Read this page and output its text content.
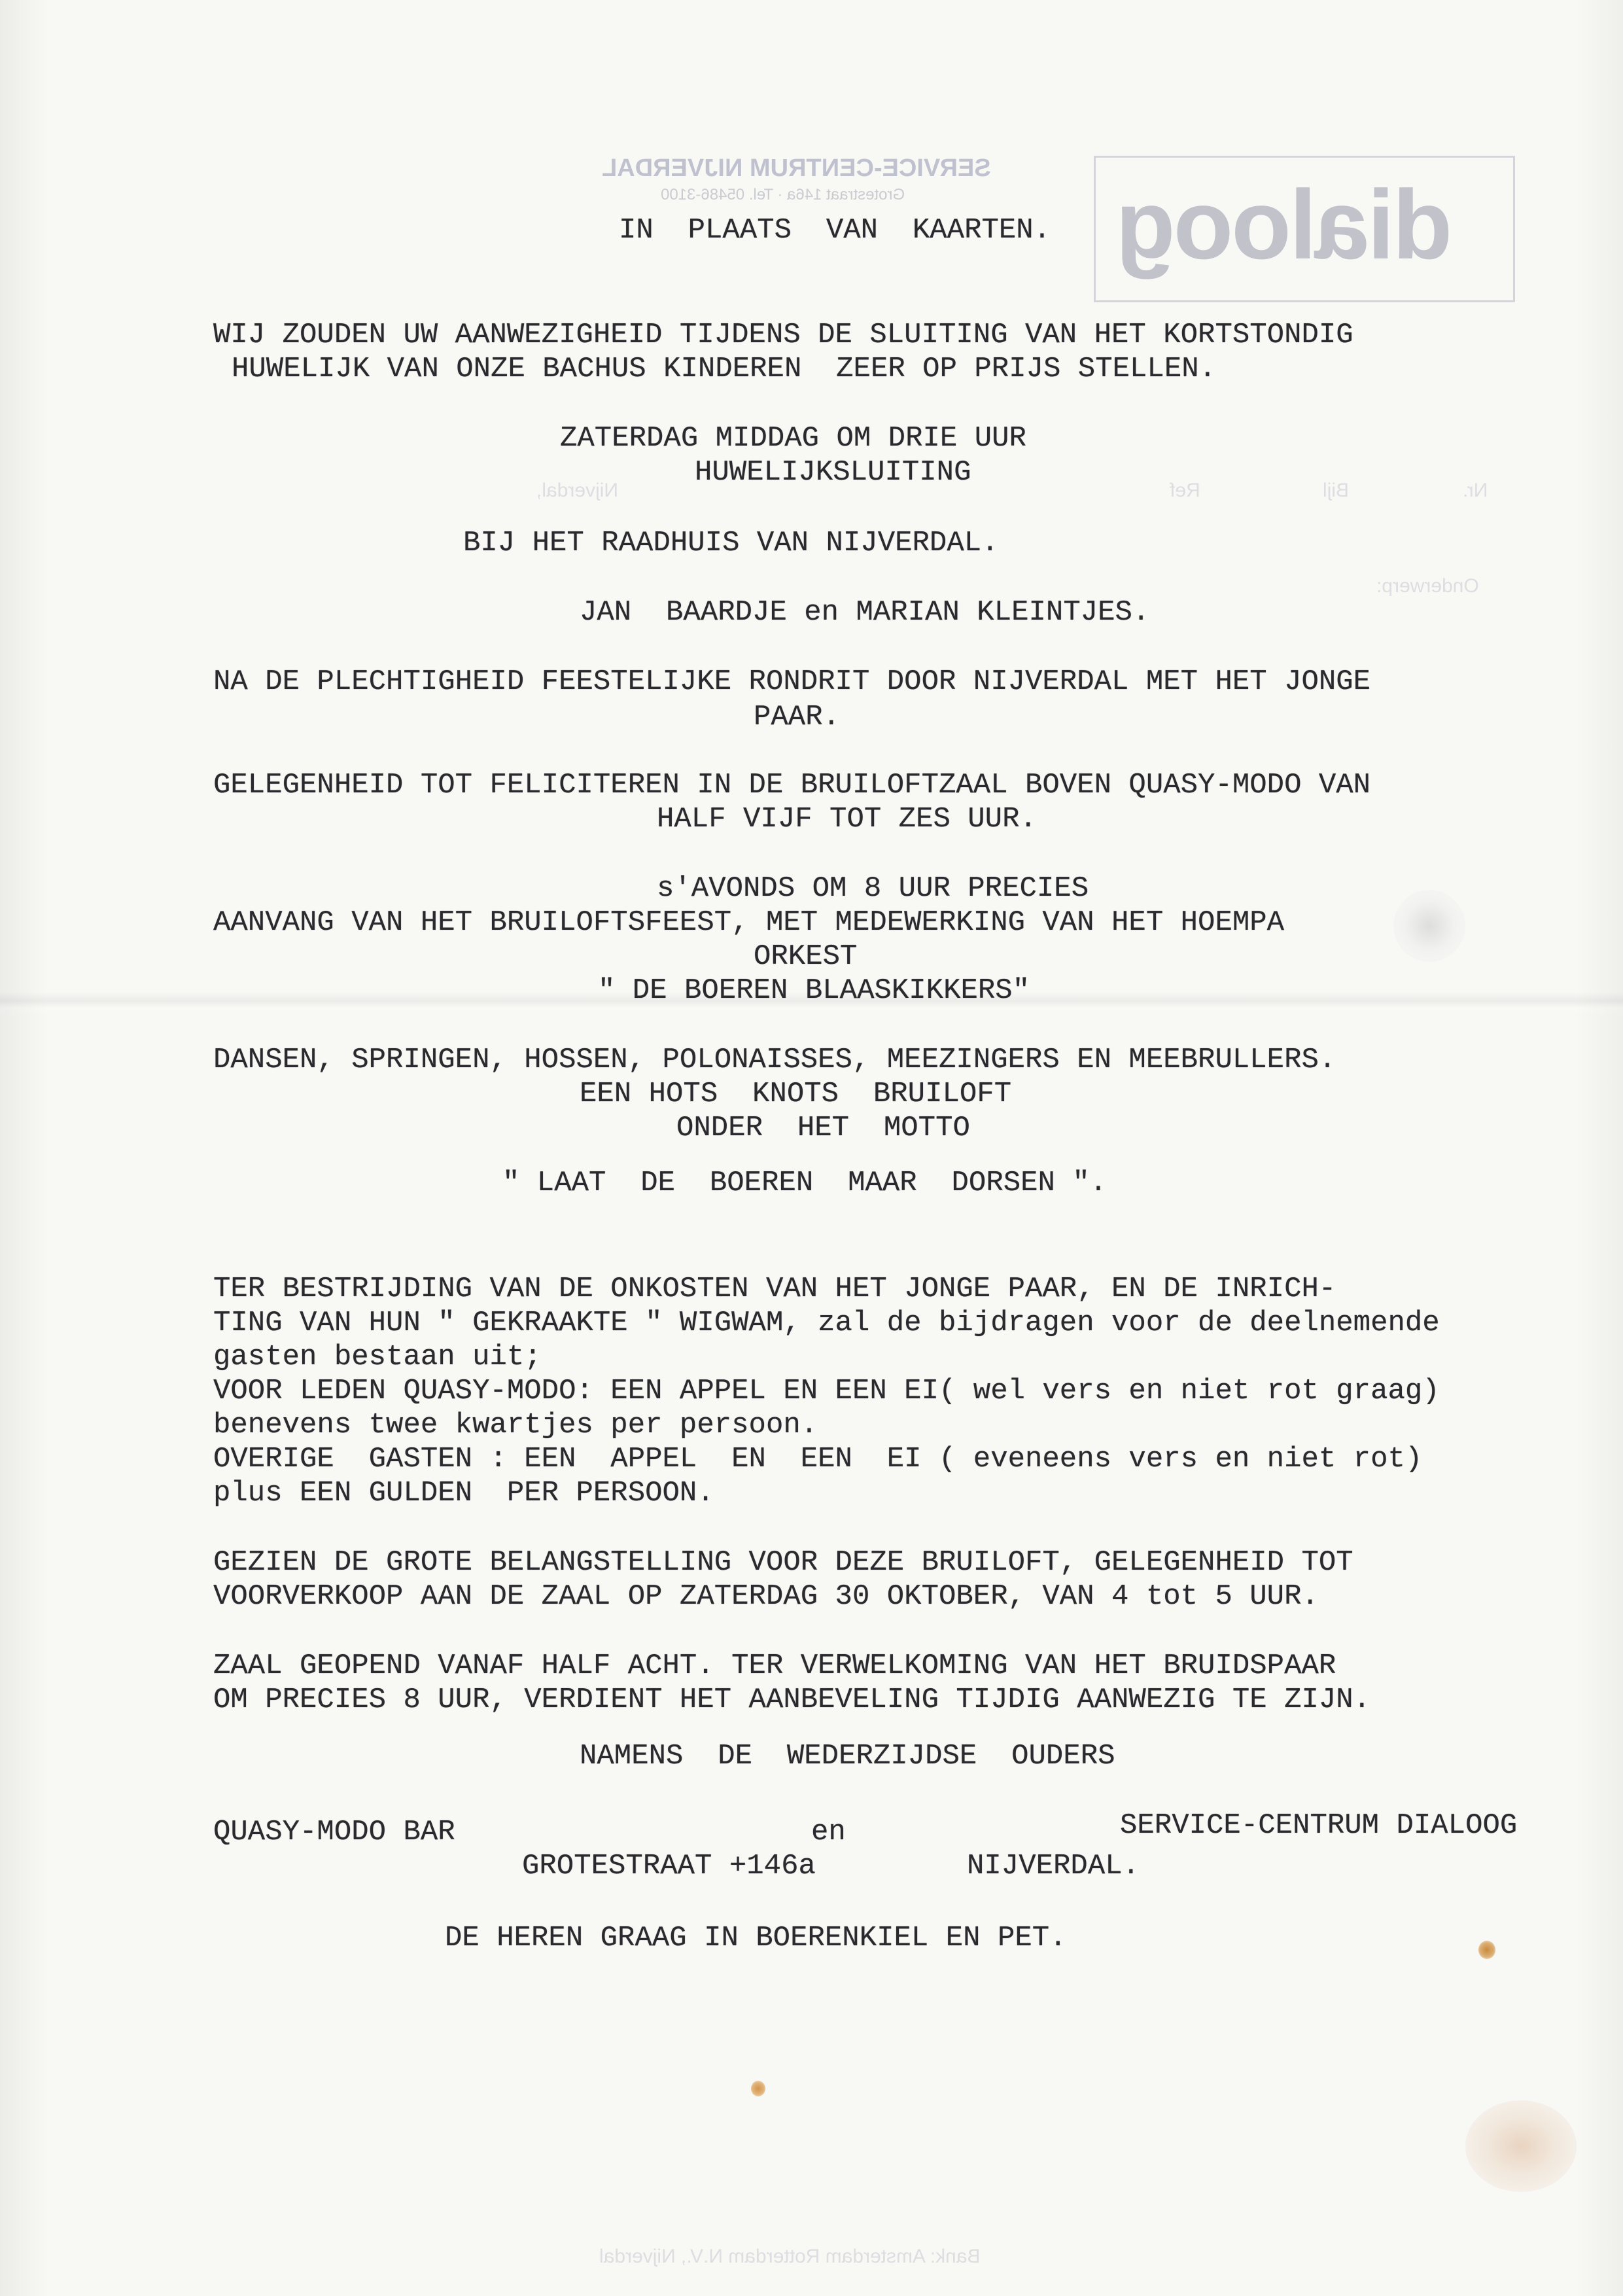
dialoog
SERVICE-CENTRUM NIJVERDAL
Grotestraat 146a · Tel. 05486-3100
Nr.
Bijl
Ref
Nijverdal,
Onderwerp:
Bank: Amsterdam Rotterdam N.V., Nijverdal
IN  PLAATS  VAN  KAARTEN.
WIJ ZOUDEN UW AANWEZIGHEID TIJDENS DE SLUITING VAN HET KORTSTONDIG
HUWELIJK VAN ONZE BACHUS KINDEREN  ZEER OP PRIJS STELLEN.
ZATERDAG MIDDAG OM DRIE UUR
HUWELIJKSLUITING
BIJ HET RAADHUIS VAN NIJVERDAL.
JAN  BAARDJE en MARIAN KLEINTJES.
NA DE PLECHTIGHEID FEESTELIJKE RONDRIT DOOR NIJVERDAL MET HET JONGE
PAAR.
GELEGENHEID TOT FELICITEREN IN DE BRUILOFTZAAL BOVEN QUASY-MODO VAN
HALF VIJF TOT ZES UUR.
s'AVONDS OM 8 UUR PRECIES
AANVANG VAN HET BRUILOFTSFEEST, MET MEDEWERKING VAN HET HOEMPA
ORKEST
" DE BOEREN BLAASKIKKERS"
DANSEN, SPRINGEN, HOSSEN, POLONAISSES, MEEZINGERS EN MEEBRULLERS.
EEN HOTS  KNOTS  BRUILOFT
ONDER  HET  MOTTO
" LAAT  DE  BOEREN  MAAR  DORSEN ".
TER BESTRIJDING VAN DE ONKOSTEN VAN HET JONGE PAAR, EN DE INRICH-
TING VAN HUN " GEKRAAKTE " WIGWAM, zal de bijdragen voor de deelnemende
gasten bestaan uit;
VOOR LEDEN QUASY-MODO: EEN APPEL EN EEN EI( wel vers en niet rot graag)
benevens twee kwartjes per persoon.
OVERIGE  GASTEN : EEN  APPEL  EN  EEN  EI ( eveneens vers en niet rot)
plus EEN GULDEN  PER PERSOON.
GEZIEN DE GROTE BELANGSTELLING VOOR DEZE BRUILOFT, GELEGENHEID TOT
VOORVERKOOP AAN DE ZAAL OP ZATERDAG 30 OKTOBER, VAN 4 tot 5 UUR.
ZAAL GEOPEND VANAF HALF ACHT. TER VERWELKOMING VAN HET BRUIDSPAAR
OM PRECIES 8 UUR, VERDIENT HET AANBEVELING TIJDIG AANWEZIG TE ZIJN.
NAMENS  DE  WEDERZIJDSE  OUDERS
QUASY-MODO BAR	en	SERVICE-CENTRUM DIALOOG
GROTESTRAAT +146a	NIJVERDAL.
DE HEREN GRAAG IN BOERENKIEL EN PET.
